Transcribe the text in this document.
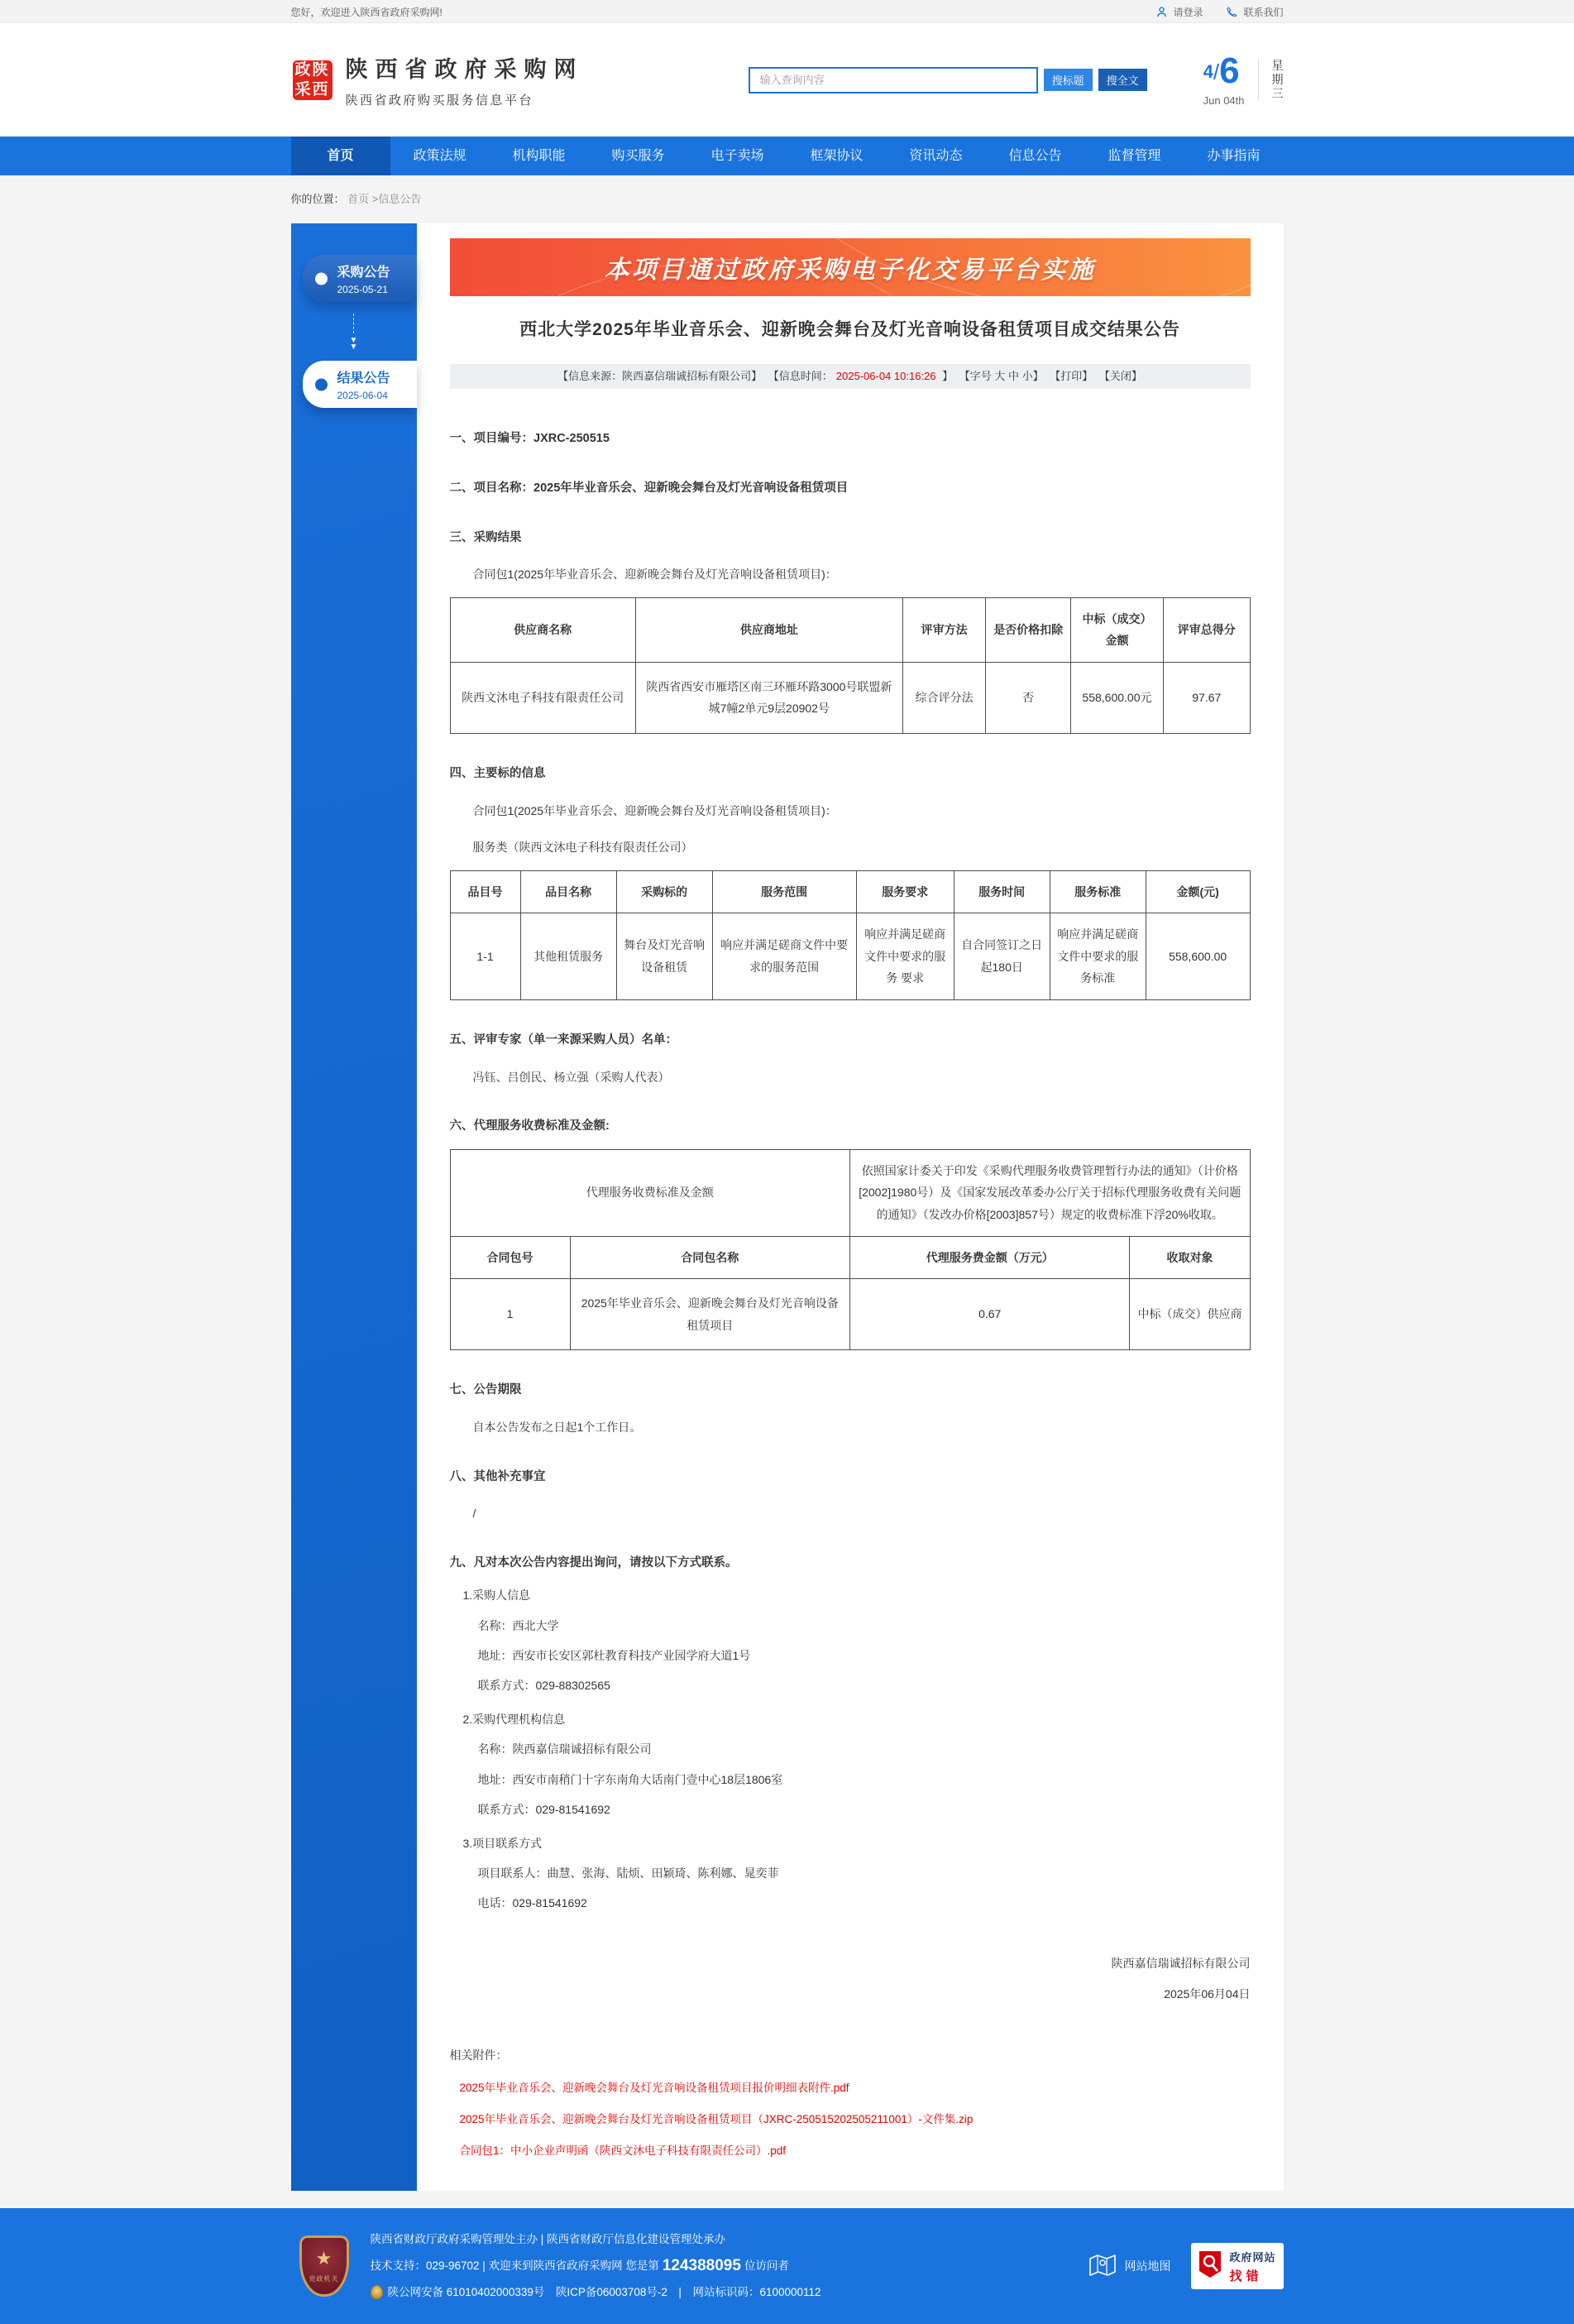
您好，欢迎进入陕西省政府采购网!	请登录	联系我们
政陕
采西
陕西省政府采购网
陕西省政府购买服务信息平台
输入查询内容
搜标题	搜全文	4/6
Jun 04th
星
期
三
首页	政策法规	机构职能	购买服务	电子卖场	框架协议	资讯动态	信息公告	监督管理	办事指南
你的位置： 首页 >信息公告
采购公告
2025-05-21
▼
▼
结果公告
2025-06-04
本项目通过政府采购电子化交易平台实施
西北大学2025年毕业音乐会、迎新晚会舞台及灯光音响设备租赁项目成交结果公告
【信息来源：陕西嘉信瑞诚招标有限公司】 【信息时间： 2025-06-04 10:16:26 】 【字号 大 中 小】 【打印】 【关闭】
一、项目编号：JXRC-250515
二、项目名称：2025年毕业音乐会、迎新晚会舞台及灯光音响设备租赁项目
三、采购结果
合同包1(2025年毕业音乐会、迎新晚会舞台及灯光音响设备租赁项目)：
供应商名称	供应商地址	评审方法	是否价格扣除	中标（成交）金额	评审总得分
陕西文沐电子科技有限责任公司	陕西省西安市雁塔区南三环雁环路3000号联盟新城7幢2单元9层20902号	综合评分法	否	558,600.00元	97.67
四、主要标的信息
合同包1(2025年毕业音乐会、迎新晚会舞台及灯光音响设备租赁项目)：
服务类（陕西文沐电子科技有限责任公司）
品目号	品目名称	采购标的	服务范围	服务要求	服务时间	服务标准	金额(元)
1-1	其他租赁服务	舞台及灯光音响设备租赁	响应并满足磋商文件中要求的服务范围	响应并满足磋商文件中要求的服务 要求	自合同签订之日起180日	响应并满足磋商文件中要求的服务标准	558,600.00
五、评审专家（单一来源采购人员）名单：
冯钰、吕创民、杨立强（采购人代表）
六、代理服务收费标准及金额:
代理服务收费标准及金额		依照国家计委关于印发《采购代理服务收费管理暂行办法的通知》（计价格[2002]1980号）及《国家发展改革委办公厅关于招标代理服务收费有关问题的通知》（发改办价格[2003]857号）规定的收费标准下浮20%收取。	
合同包号	合同包名称	代理服务费金额（万元）	收取对象
1	2025年毕业音乐会、迎新晚会舞台及灯光音响设备租赁项目	0.67	中标（成交）供应商
七、公告期限
自本公告发布之日起1个工作日。
八、其他补充事宜
/
九、凡对本次公告内容提出询问，请按以下方式联系。
1.采购人信息
名称：西北大学
地址：西安市长安区郭杜教育科技产业园学府大道1号
联系方式：029-88302565
2.采购代理机构信息
名称：陕西嘉信瑞诚招标有限公司
地址：西安市南稍门十字东南角大话南门壹中心18层1806室
联系方式：029-81541692
3.项目联系方式
项目联系人：曲慧、张海、陆烦、田颖琦、陈利娜、晁奕菲
电话：029-81541692
陕西嘉信瑞诚招标有限公司
2025年06月04日
相关附件：
2025年毕业音乐会、迎新晚会舞台及灯光音响设备租赁项目报价明细表附件.pdf
2025年毕业音乐会、迎新晚会舞台及灯光音响设备租赁项目（JXRC-250515202505211001）-文件集.zip
合同包1：中小企业声明函（陕西文沐电子科技有限责任公司）.pdf
★
党政机关
陕西省财政厅政府采购管理处主办 | 陕西省财政厅信息化建设管理处承办
技术支持：029-96702 | 欢迎来到陕西省政府采购网 您是第 124388095 位访问者
陕公网安备 61010402000339号　陕ICP备06003708号-2　|　网站标识码：6100000112
网站地图
政府网站
找错
